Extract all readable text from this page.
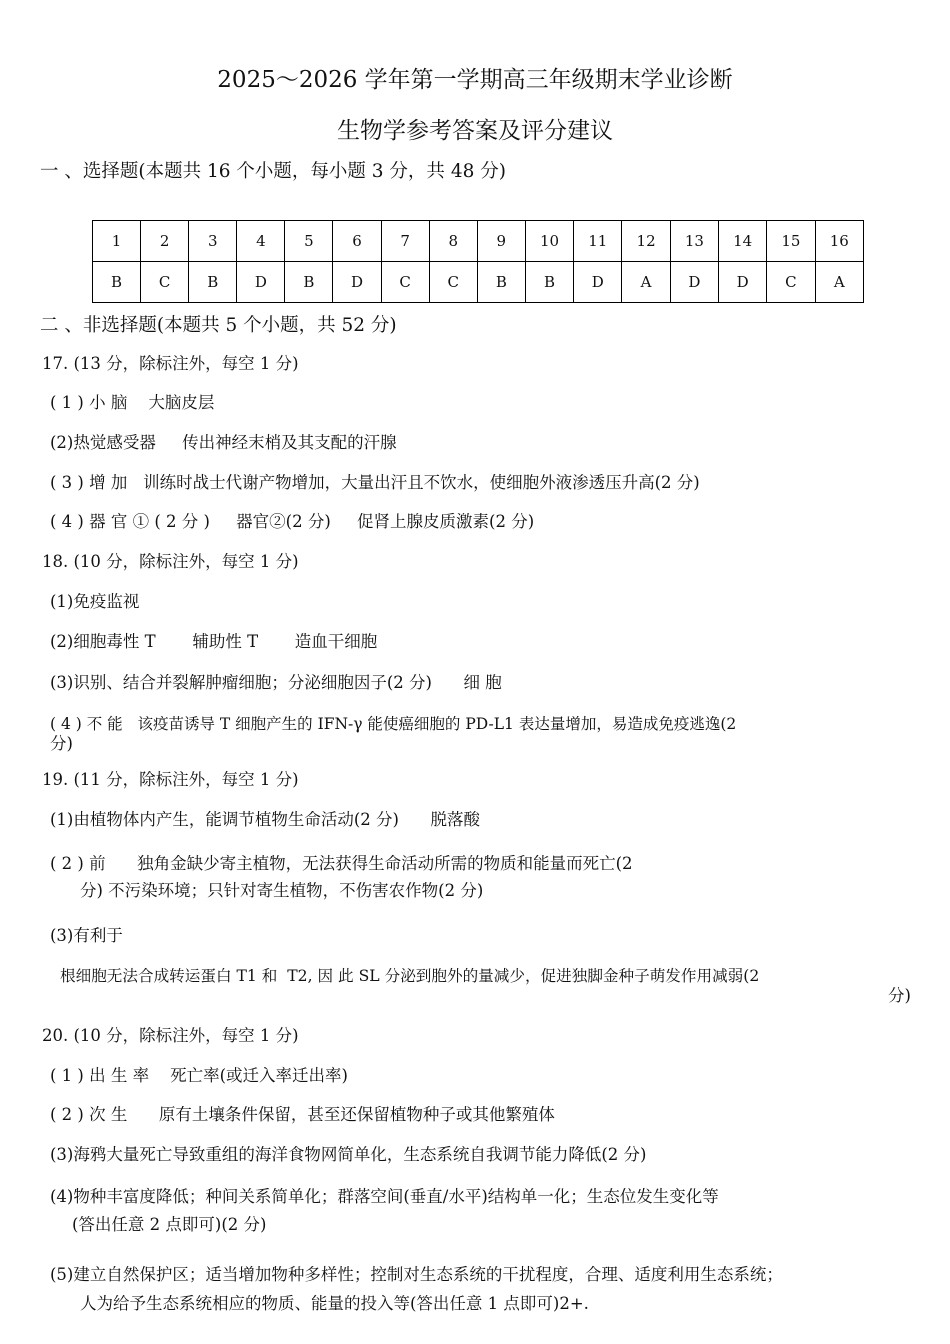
2025～2026 学年第一学期高三年级期末学业诊断
生物学参考答案及评分建议
一 、选择题(本题共 16 个小题，每小题 3 分，共 48 分)
1	2	3	4	5	6	7	8	9	10	11	12	13	14	15	16
B	C	B	D	B	D	C	C	B	B	D	A	D	D	C	A
二 、非选择题(本题共 5 个小题，共 52 分)
17. (13 分，除标注外，每空 1 分)
( 1 ) 小 脑    大脑皮层
(2)热觉感受器     传出神经末梢及其支配的汗腺
( 3 ) 增 加   训练时战士代谢产物增加，大量出汗且不饮水，使细胞外液渗透压升高(2 分)
( 4 ) 器 官 ① ( 2 分 )     器官②(2 分)     促肾上腺皮质激素(2 分)
18. (10 分，除标注外，每空 1 分)
(1)免疫监视
(2)细胞毒性 T       辅助性 T       造血干细胞
(3)识别、结合并裂解肿瘤细胞；分泌细胞因子(2 分)      细 胞
( 4 ) 不 能   该疫苗诱导 T 细胞产生的 IFN-γ 能使癌细胞的 PD-L1 表达量增加，易造成免疫逃逸(2
分)
19. (11 分，除标注外，每空 1 分)
(1)由植物体内产生，能调节植物生命活动(2 分)      脱落酸
( 2 ) 前      独角金缺少寄主植物，无法获得生命活动所需的物质和能量而死亡(2
分) 不污染环境；只针对寄生植物，不伤害农作物(2 分)
(3)有利于
根细胞无法合成转运蛋白 T1 和  T2, 因 此 SL 分泌到胞外的量减少，促进独脚金种子萌发作用减弱(2
分)
20. (10 分，除标注外，每空 1 分)
( 1 ) 出 生 率    死亡率(或迁入率迁出率)
( 2 ) 次 生      原有土壤条件保留，甚至还保留植物种子或其他繁殖体
(3)海鸦大量死亡导致重组的海洋食物网简单化，生态系统自我调节能力降低(2 分)
(4)物种丰富度降低；种间关系简单化；群落空间(垂直/水平)结构单一化；生态位发生变化等
(答出任意 2 点即可)(2 分)
(5)建立自然保护区；适当增加物种多样性；控制对生态系统的干扰程度，合理、适度利用生态系统；
人为给予生态系统相应的物质、能量的投入等(答出任意 1 点即可)2+.
